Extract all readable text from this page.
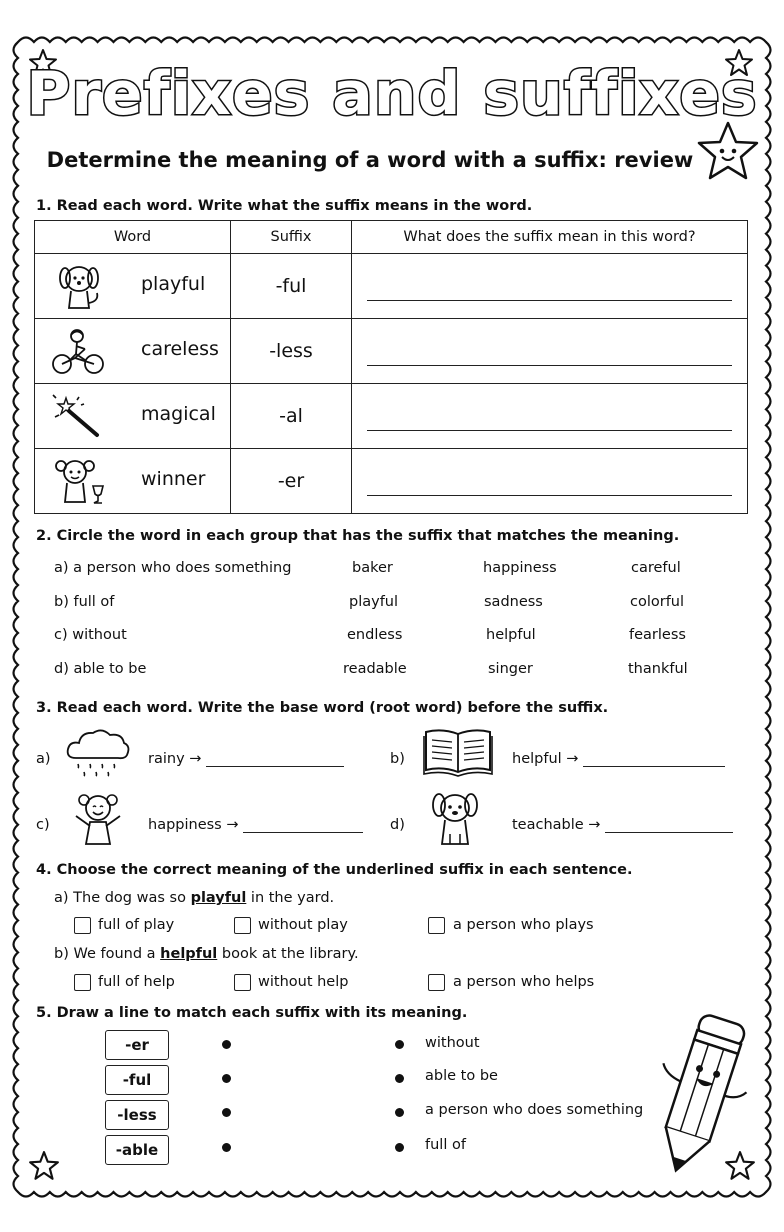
Prefixes and suffixes
Determine the meaning of a word with a suffix: review
1. Read each word. Write what the suffix means in the word.
Word	Suffix	What does the suffix mean in this word?

playful	-ful	

careless	-less	

magical	-al	

winner	-er	
2. Circle the word in each group that has the suffix that matches the meaning.
a) a person who does something	baker	happiness	careful
b) full of	playful	sadness	colorful
c) without	endless	helpful	fearless
d) able to be	readable	singer	thankful
3. Read each word. Write the base word (root word) before the suffix.
a)	rainy →	b)	helpful →
c)	happiness →	d)	teachable →
4. Choose the correct meaning of the underlined suffix in each sentence.
a) The dog was so playful in the yard.
full of play	without play	a person who plays
b) We found a helpful book at the library.
full of help	without help	a person who helps
5. Draw a line to match each suffix with its meaning.
-er
-ful
-less
-able
without
able to be
a person who does something
full of
